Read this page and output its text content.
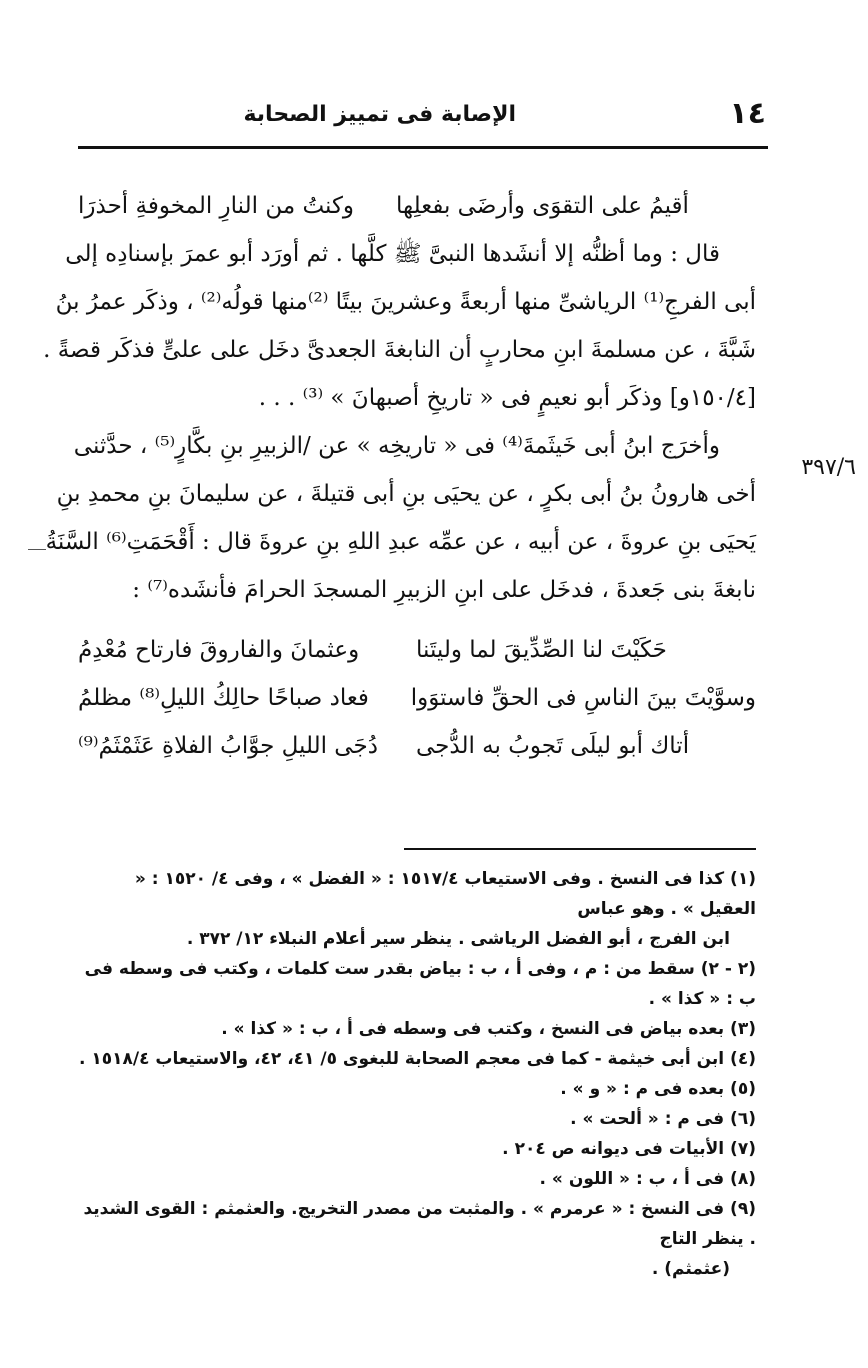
١٤
الإصابة فى تمييز الصحابة
٣٩٧/٦
أقيمُ على التقوَى وأرضَى بفعلِها
وكنتُ من النارِ المخوفةِ أحذرَا
قال : وما أظنُّه إلا أنشَدها النبىَّ ﷺ كلَّها . ثم أورَد أبو عمرَ بإسنادِه إلى
أبى الفرجِ⁽¹⁾ الرياشىِّ منها أربعةً وعشرينَ بيتًا ⁽²⁾منها قولُه⁽²⁾ ، وذكَر عمرُ بنُ
شَبَّةَ ، عن مسلمةَ ابنِ محاربٍ أن النابغةَ الجعدىَّ دخَل على علىٍّ فذكَر قصةً .
[١٥٠/٤و] وذكَر أبو نعيمٍ فى « تاريخِ أصبهانَ » ⁽³⁾ . . .
وأخرَج ابنُ أبى خَيثَمةَ⁽⁴⁾ فى « تاريخِه » عن /الزبيرِ بنِ بكَّارٍ⁽⁵⁾ ، حدَّثنى
أخى هارونُ بنُ أبى بكرٍ ، عن يحيَى بنِ أبى قتيلةَ ، عن سليمانَ بنِ محمدِ بنِ
يَحيَى بنِ عروةَ ، عن أبيه ، عن عمِّه عبدِ اللهِ بنِ عروةَ قال : أَقْحَمَتِ⁽⁶⁾ السَّنَةُ
نابغةَ بنى جَعدةَ ، فدخَل على ابنِ الزبيرِ المسجدَ الحرامَ فأنشَده⁽⁷⁾ :
حَكَيْتَ لنا الصِّدِّيقَ لما وليتَنا
وعثمانَ والفاروقَ فارتاح مُعْدِمُ
وسوَّيْتَ بينَ الناسِ فى الحقِّ فاستوَوا
فعاد صباحًا حالِكُ الليلِ⁽⁸⁾ مظلمُ
أتاك أبو ليلَى تَجوبُ به الدُّجى
دُجَى الليلِ جوَّابُ الفلاةِ عَثَمْثَمُ⁽⁹⁾
(١) كذا فى النسخ . وفى الاستيعاب ١٥١٧/٤ : « الفضل » ، وفى ٤/ ١٥٢٠ : « العقيل » . وهو عباس
ابن الفرج ، أبو الفضل الرياشى . ينظر سير أعلام النبلاء ١٢/ ٣٧٢ .
(٢ - ٢) سقط من : م ، وفى أ ، ب : بياض بقدر ست كلمات ، وكتب فى وسطه فى ب : « كذا » .
(٣) بعده بياض فى النسخ ، وكتب فى وسطه فى أ ، ب : « كذا » .
(٤) ابن أبى خيثمة - كما فى معجم الصحابة للبغوى ٥/ ٤١، ٤٢، والاستيعاب ١٥١٨/٤ .
(٥) بعده فى م : « و » .
(٦) فى م : « ألحت » .
(٧) الأبيات فى ديوانه ص ٢٠٤ .
(٨) فى أ ، ب : « اللون » .
(٩) فى النسخ : « عرمرم » . والمثبت من مصدر التخريج. والعثمثم : القوى الشديد . ينظر التاج
(عثمثم) .
